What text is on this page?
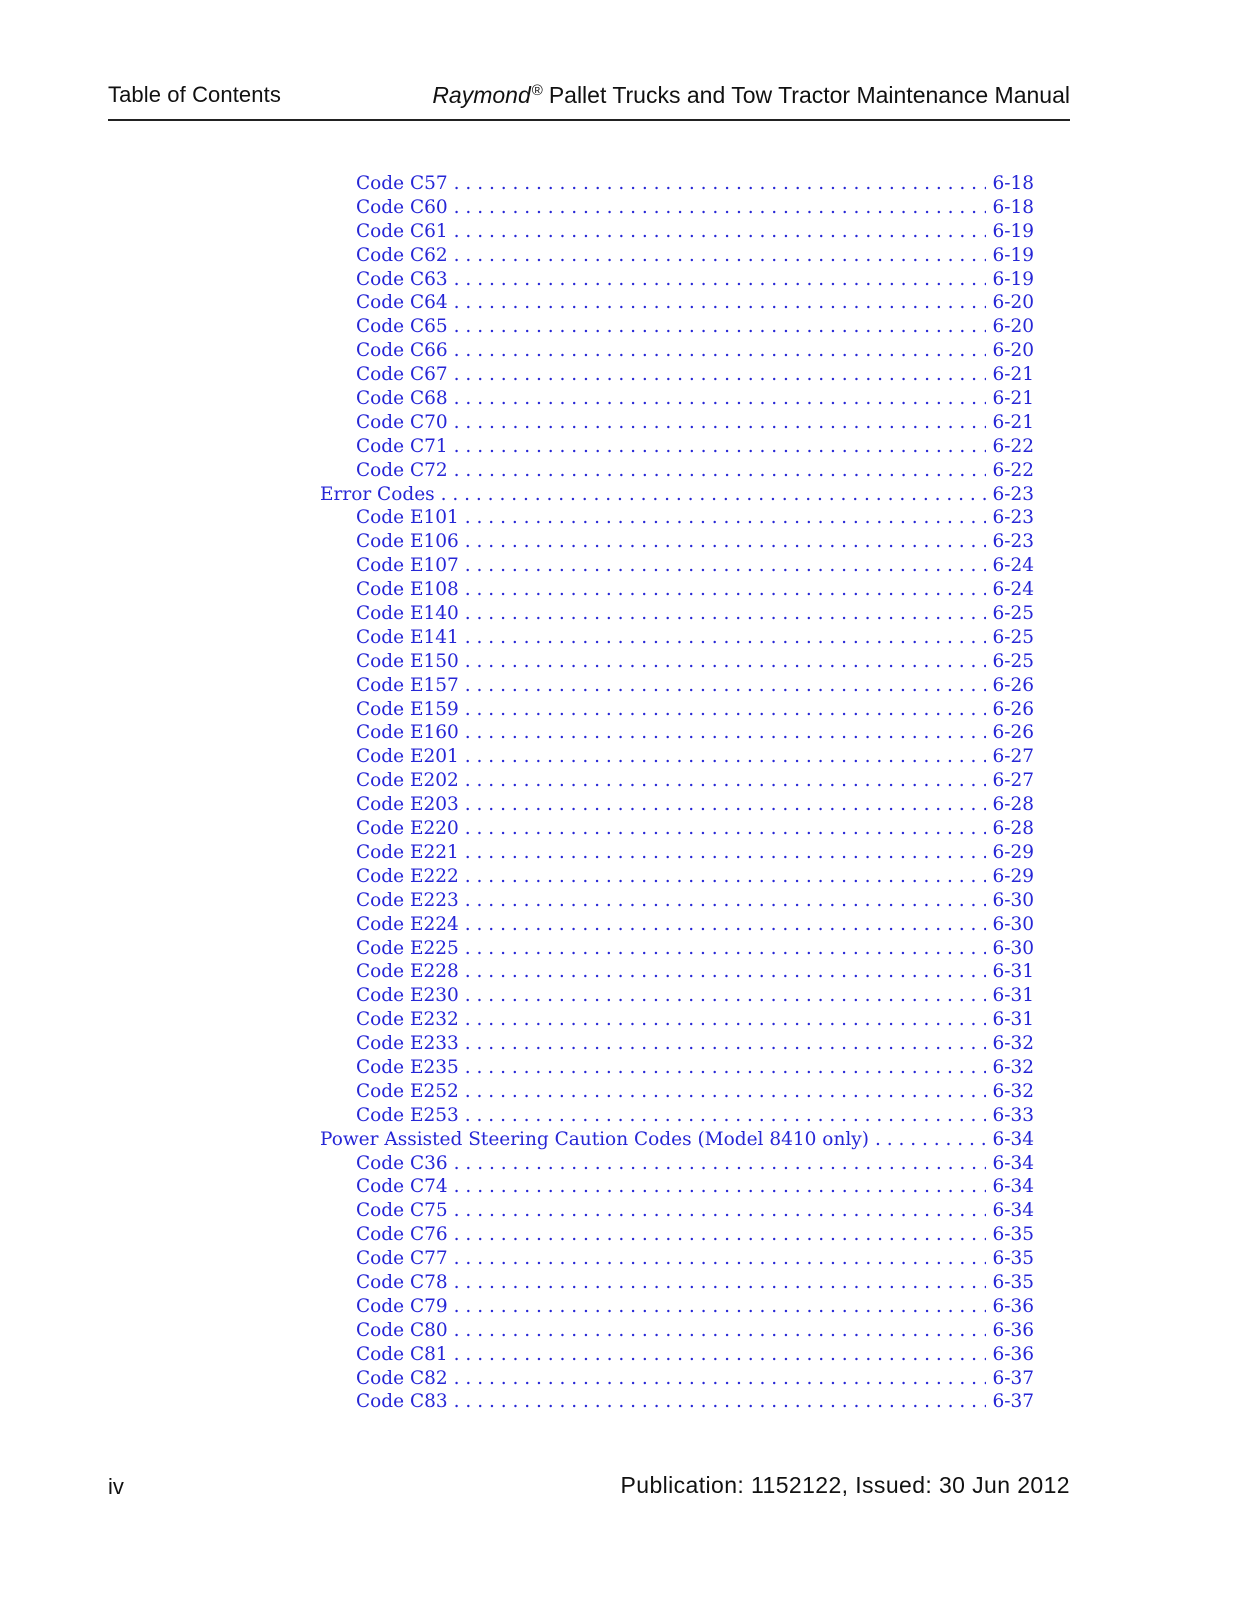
Table of Contents	Raymond® Pallet Trucks and Tow Tractor Maintenance Manual
Code C57 . . .	6-18
Code C60 . . .	6-18
Code C61 . . .	6-19
Code C62 . . .	6-19
Code C63 . . .	6-19
Code C64 . . .	6-20
Code C65 . . .	6-20
Code C66 . . .	6-20
Code C67 . . .	6-21
Code C68 . . .	6-21
Code C70 . . .	6-21
Code C71 . . .	6-22
Code C72 . . .	6-22
Error Codes . . .	6-23
Code E101 . . .	6-23
Code E106 . . .	6-23
Code E107 . . .	6-24
Code E108 . . .	6-24
Code E140 . . .	6-25
Code E141 . . .	6-25
Code E150 . . .	6-25
Code E157 . . .	6-26
Code E159 . . .	6-26
Code E160 . . .	6-26
Code E201 . . .	6-27
Code E202 . . .	6-27
Code E203 . . .	6-28
Code E220 . . .	6-28
Code E221 . . .	6-29
Code E222 . . .	6-29
Code E223 . . .	6-30
Code E224 . . .	6-30
Code E225 . . .	6-30
Code E228 . . .	6-31
Code E230 . . .	6-31
Code E232 . . .	6-31
Code E233 . . .	6-32
Code E235 . . .	6-32
Code E252 . . .	6-32
Code E253 . . .	6-33
Power Assisted Steering Caution Codes (Model 8410 only) . . .	6-34
Code C36 . . .	6-34
Code C74 . . .	6-34
Code C75 . . .	6-34
Code C76 . . .	6-35
Code C77 . . .	6-35
Code C78 . . .	6-35
Code C79 . . .	6-36
Code C80 . . .	6-36
Code C81 . . .	6-36
Code C82 . . .	6-37
Code C83 . . .	6-37
iv	Publication: 1152122, Issued: 30 Jun 2012
